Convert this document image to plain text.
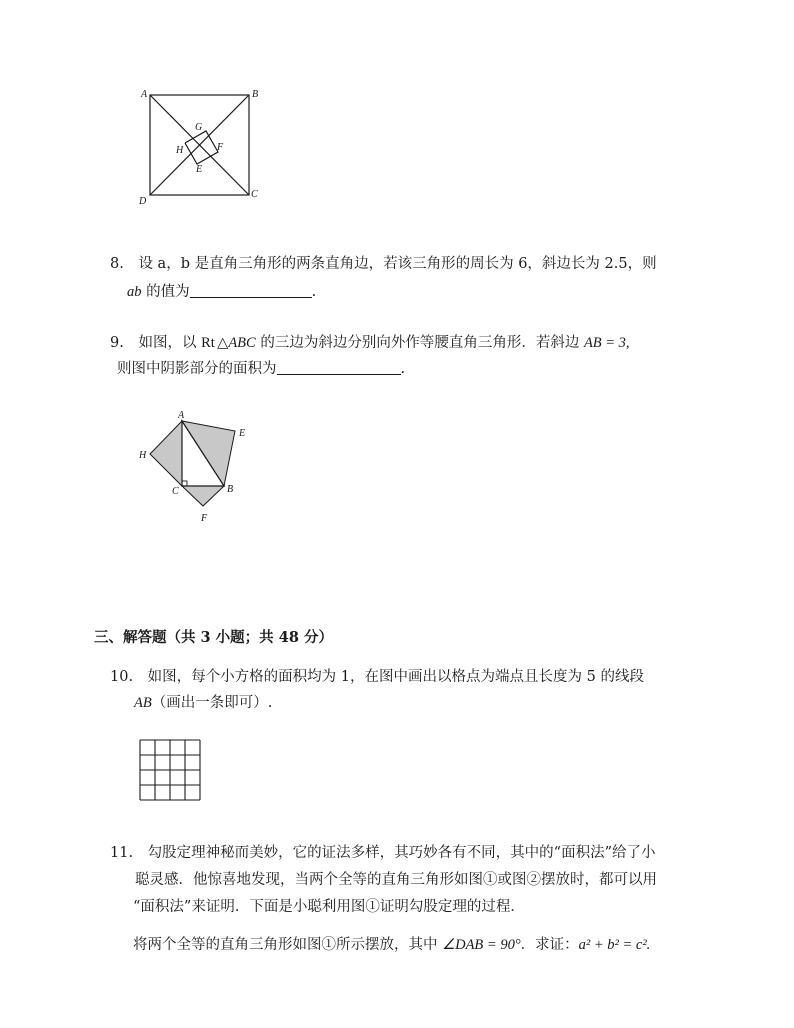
A	B
C
D
E
F
G
H
8. 设 a，b 是直角三角形的两条直角边，若该三角形的周长为 6，斜边长为 2.5，则
ab 的值为	.
9. 如图，以 Rt △ABC 的三边为斜边分别向外作等腰直角三角形．若斜边 AB = 3,
则图中阴影部分的面积为	.
A
B
C
E
F
H
三、解答题（共 3 小题；共 48 分）
10. 如图，每个小方格的面积均为 1，在图中画出以格点为端点且长度为 5 的线段
AB（画出一条即可）.
11. 勾股定理神秘而美妙，它的证法多样，其巧妙各有不同，其中的“面积法”给了小
聪灵感．他惊喜地发现，当两个全等的直角三角形如图①或图②摆放时，都可以用
“面积法”来证明．下面是小聪利用图①证明勾股定理的过程．
将两个全等的直角三角形如图①所示摆放，其中 ∠DAB = 90°．求证：a² + b² = c².
